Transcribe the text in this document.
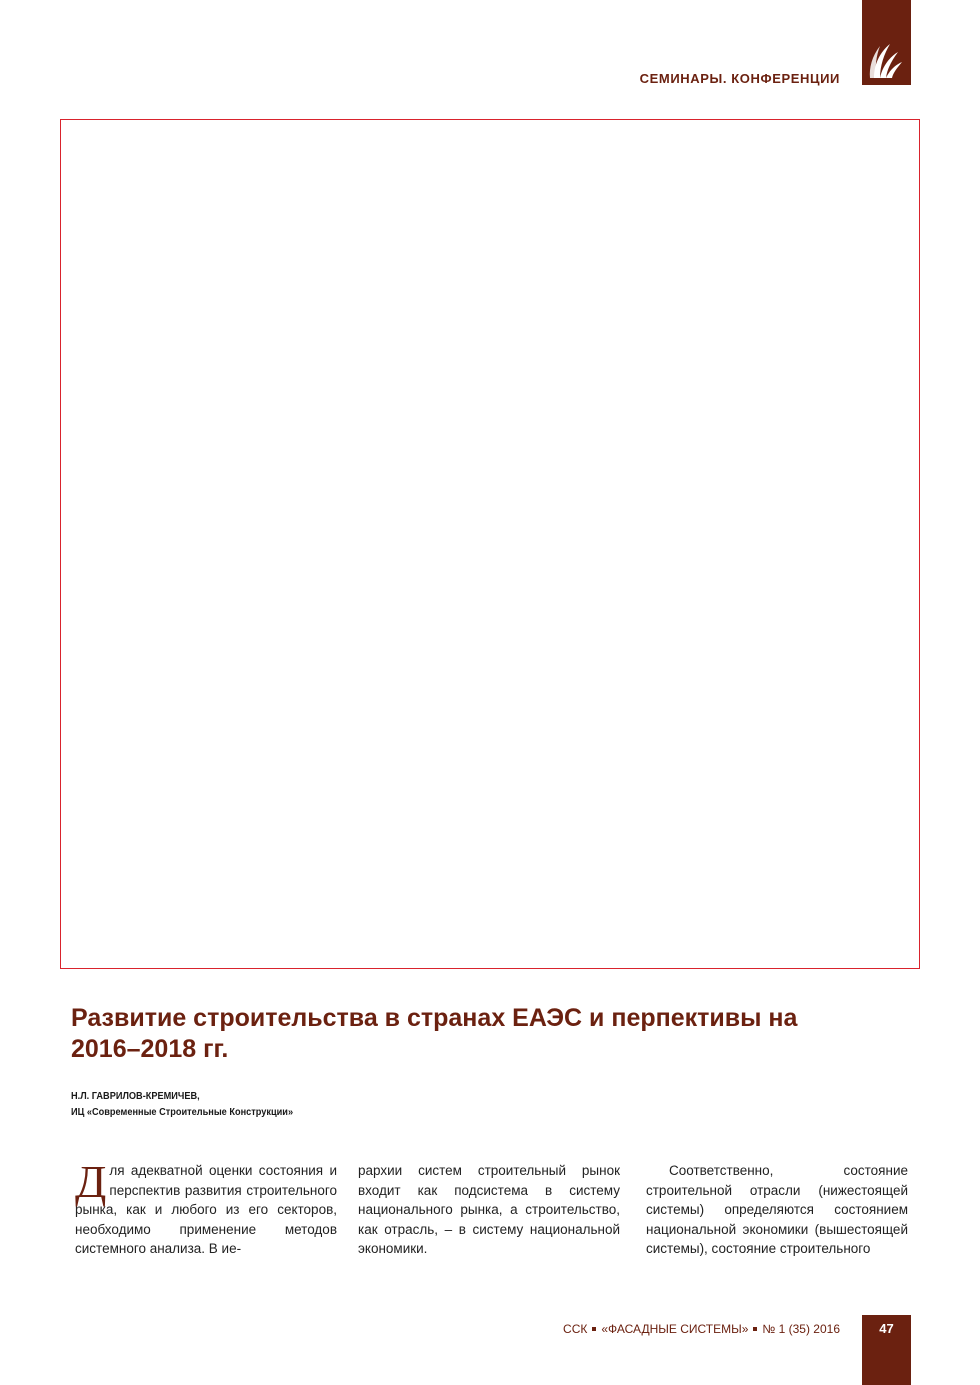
СЕМИНАРЫ. КОНФЕРЕНЦИИ
Развитие строительства в странах ЕАЭС и перпективы на 2016–2018 гг.
Н.Л. ГАВРИЛОВ-КРЕМИЧЕВ,
ИЦ «Современные Строительные Конструкции»
Для адекватной оценки состояния и перспектив развития строительного рынка, как и любого из его секторов, необходимо применение методов системного анализа. В ие-
рархии систем строительный рынок входит как подсистема в систему национального рынка, а строительство, как отрасль, – в систему национальной экономики.
Соответственно, состояние строительной отрасли (нижестоящей системы) определяются состоянием национальной экономики (вышестоящей системы), состояние строительного
ССК «ФАСАДНЫЕ СИСТЕМЫ» № 1 (35) 2016	47
